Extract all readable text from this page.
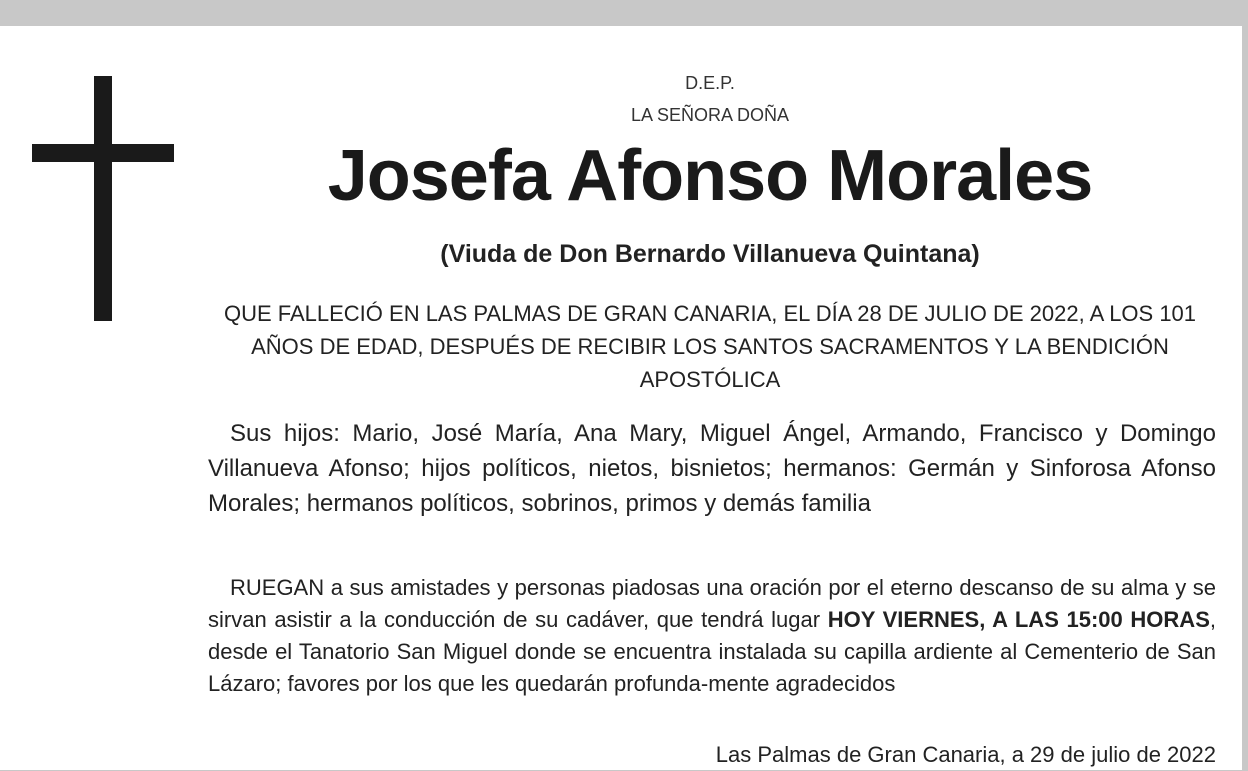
D.E.P.
LA SEÑORA DOÑA
Josefa Afonso Morales
(Viuda de Don Bernardo Villanueva Quintana)
QUE FALLECIÓ EN LAS PALMAS DE GRAN CANARIA, EL DÍA 28 DE JULIO DE 2022, A LOS 101 AÑOS DE EDAD, DESPUÉS DE RECIBIR LOS SANTOS SACRAMENTOS Y LA BENDICIÓN APOSTÓLICA
Sus hijos: Mario, José María, Ana Mary, Miguel Ángel, Armando, Francisco y Domingo Villanueva Afonso; hijos políticos, nietos, bisnietos; hermanos: Germán y Sinforosa Afonso Morales; hermanos políticos, sobrinos, primos y demás familia
RUEGAN a sus amistades y personas piadosas una oración por el eterno descanso de su alma y se sirvan asistir a la conducción de su cadáver, que tendrá lugar HOY VIERNES, A LAS 15:00 HORAS, desde el Tanatorio San Miguel donde se encuentra instalada su capilla ardiente al Cementerio de San Lázaro; favores por los que les quedarán profunda-mente agradecidos
Las Palmas de Gran Canaria, a 29 de julio de 2022
